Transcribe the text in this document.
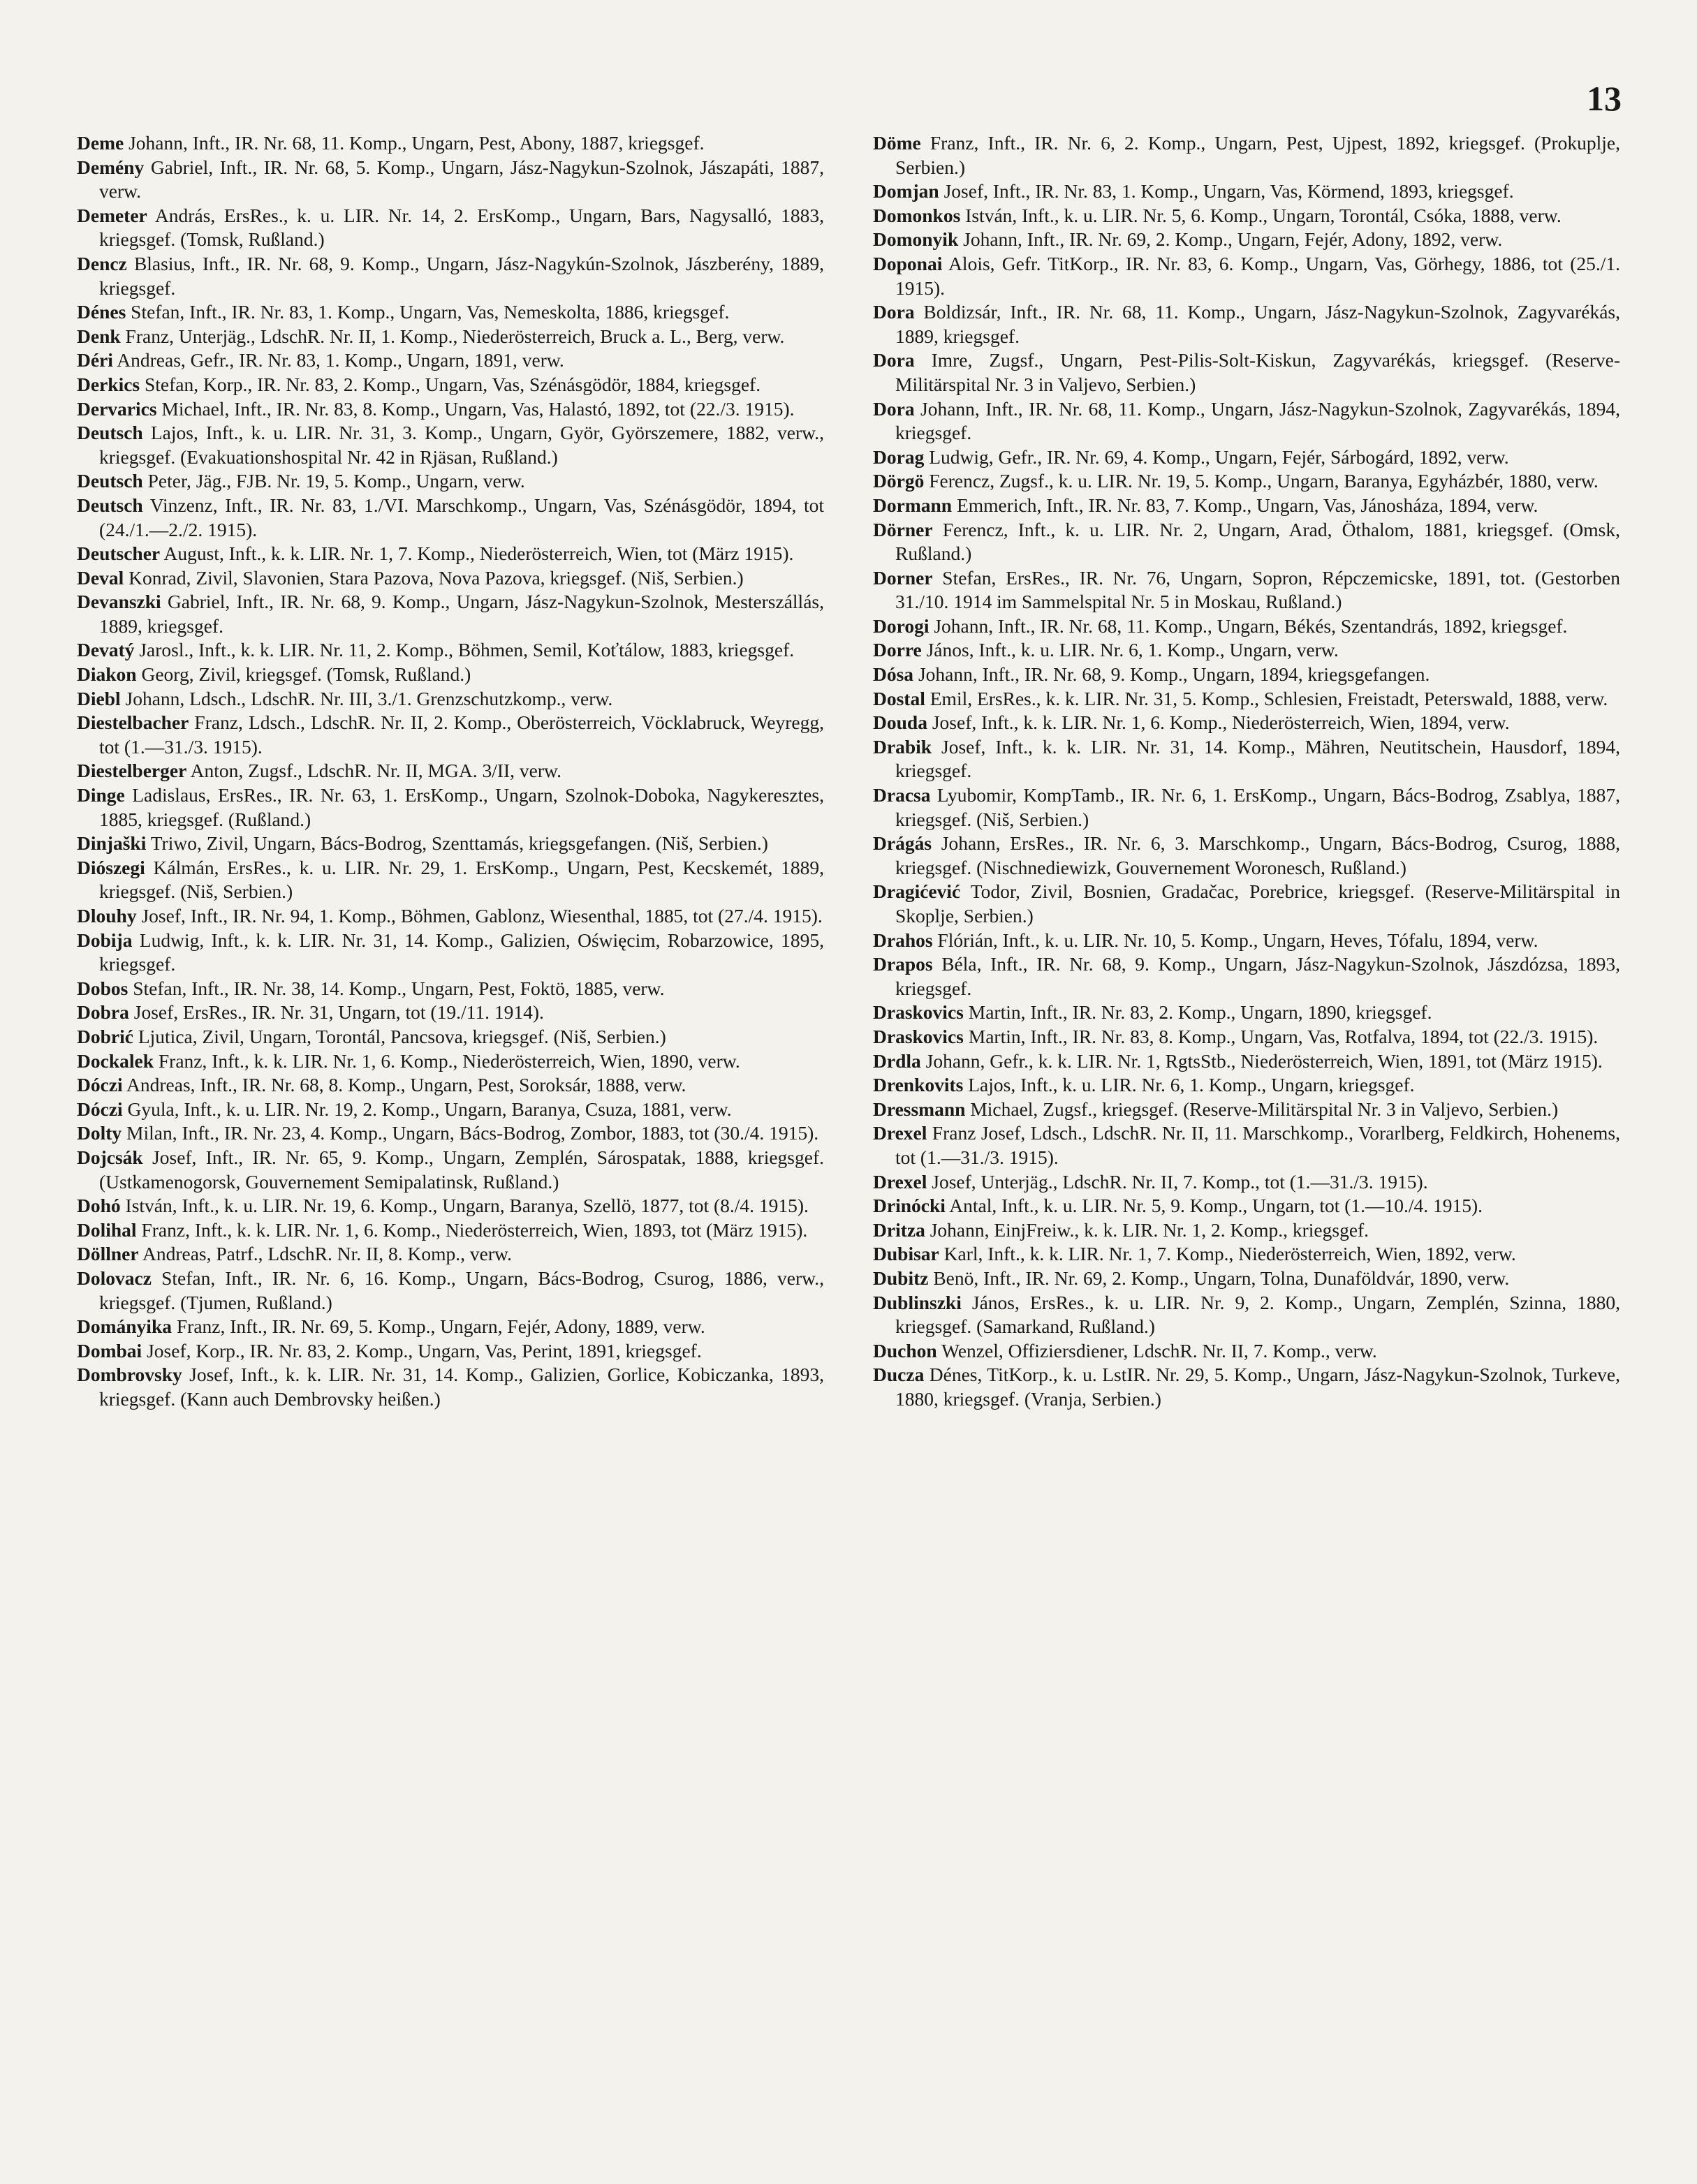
13
Deme Johann, Inft., IR. Nr. 68, 11. Komp., Ungarn, Pest, Abony, 1887, kriegsgef.
Demény Gabriel, Inft., IR. Nr. 68, 5. Komp., Ungarn, Jász-Nagykun-Szolnok, Jászapáti, 1887, verw.
Demeter András, ErsRes., k. u. LIR. Nr. 14, 2. ErsKomp., Ungarn, Bars, Nagysalló, 1883, kriegsgef. (Tomsk, Rußland.)
Dencz Blasius, Inft., IR. Nr. 68, 9. Komp., Ungarn, Jász-Nagykún-Szolnok, Jászberény, 1889, kriegsgef.
Dénes Stefan, Inft., IR. Nr. 83, 1. Komp., Ungarn, Vas, Nemeskolta, 1886, kriegsgef.
Denk Franz, Unterjäg., LdschR. Nr. II, 1. Komp., Niederösterreich, Bruck a. L., Berg, verw.
Déri Andreas, Gefr., IR. Nr. 83, 1. Komp., Ungarn, 1891, verw.
Derkics Stefan, Korp., IR. Nr. 83, 2. Komp., Ungarn, Vas, Szénásgödör, 1884, kriegsgef.
Dervarics Michael, Inft., IR. Nr. 83, 8. Komp., Ungarn, Vas, Halastó, 1892, tot (22./3. 1915).
Deutsch Lajos, Inft., k. u. LIR. Nr. 31, 3. Komp., Ungarn, Györ, Györszemere, 1882, verw., kriegsgef. (Evakuationshospital Nr. 42 in Rjäsan, Rußland.)
Deutsch Peter, Jäg., FJB. Nr. 19, 5. Komp., Ungarn, verw.
Deutsch Vinzenz, Inft., IR. Nr. 83, 1./VI. Marschkomp., Ungarn, Vas, Szénásgödör, 1894, tot (24./1.—2./2. 1915).
Deutscher August, Inft., k. k. LIR. Nr. 1, 7. Komp., Niederösterreich, Wien, tot (März 1915).
Deval Konrad, Zivil, Slavonien, Stara Pazova, Nova Pazova, kriegsgef. (Niš, Serbien.)
Devanszki Gabriel, Inft., IR. Nr. 68, 9. Komp., Ungarn, Jász-Nagykun-Szolnok, Mesterszállás, 1889, kriegsgef.
Devatý Jarosl., Inft., k. k. LIR. Nr. 11, 2. Komp., Böhmen, Semil, Koťtálow, 1883, kriegsgef.
Diakon Georg, Zivil, kriegsgef. (Tomsk, Rußland.)
Diebl Johann, Ldsch., LdschR. Nr. III, 3./1. Grenzschutzkomp., verw.
Diestelbacher Franz, Ldsch., LdschR. Nr. II, 2. Komp., Oberösterreich, Vöcklabruck, Weyregg, tot (1.—31./3. 1915).
Diestelberger Anton, Zugsf., LdschR. Nr. II, MGA. 3/II, verw.
Dinge Ladislaus, ErsRes., IR. Nr. 63, 1. ErsKomp., Ungarn, Szolnok-Doboka, Nagykeresztes, 1885, kriegsgef. (Rußland.)
Dinjaški Triwo, Zivil, Ungarn, Bács-Bodrog, Szenttamás, kriegsgefangen. (Niš, Serbien.)
Diószegi Kálmán, ErsRes., k. u. LIR. Nr. 29, 1. ErsKomp., Ungarn, Pest, Kecskemét, 1889, kriegsgef. (Niš, Serbien.)
Dlouhy Josef, Inft., IR. Nr. 94, 1. Komp., Böhmen, Gablonz, Wiesenthal, 1885, tot (27./4. 1915).
Dobija Ludwig, Inft., k. k. LIR. Nr. 31, 14. Komp., Galizien, Oświęcim, Robarzowice, 1895, kriegsgef.
Dobos Stefan, Inft., IR. Nr. 38, 14. Komp., Ungarn, Pest, Foktö, 1885, verw.
Dobra Josef, ErsRes., IR. Nr. 31, Ungarn, tot (19./11. 1914).
Dobrić Ljutica, Zivil, Ungarn, Torontál, Pancsova, kriegsgef. (Niš, Serbien.)
Dockalek Franz, Inft., k. k. LIR. Nr. 1, 6. Komp., Niederösterreich, Wien, 1890, verw.
Dóczi Andreas, Inft., IR. Nr. 68, 8. Komp., Ungarn, Pest, Soroksár, 1888, verw.
Dóczi Gyula, Inft., k. u. LIR. Nr. 19, 2. Komp., Ungarn, Baranya, Csuza, 1881, verw.
Dolty Milan, Inft., IR. Nr. 23, 4. Komp., Ungarn, Bács-Bodrog, Zombor, 1883, tot (30./4. 1915).
Dojcsák Josef, Inft., IR. Nr. 65, 9. Komp., Ungarn, Zemplén, Sárospatak, 1888, kriegsgef. (Ustkamenogorsk, Gouvernement Semipalatinsk, Rußland.)
Dohó István, Inft., k. u. LIR. Nr. 19, 6. Komp., Ungarn, Baranya, Szellö, 1877, tot (8./4. 1915).
Dolihal Franz, Inft., k. k. LIR. Nr. 1, 6. Komp., Niederösterreich, Wien, 1893, tot (März 1915).
Döllner Andreas, Patrf., LdschR. Nr. II, 8. Komp., verw.
Dolovacz Stefan, Inft., IR. Nr. 6, 16. Komp., Ungarn, Bács-Bodrog, Csurog, 1886, verw., kriegsgef. (Tjumen, Rußland.)
Dományika Franz, Inft., IR. Nr. 69, 5. Komp., Ungarn, Fejér, Adony, 1889, verw.
Dombai Josef, Korp., IR. Nr. 83, 2. Komp., Ungarn, Vas, Perint, 1891, kriegsgef.
Dombrovsky Josef, Inft., k. k. LIR. Nr. 31, 14. Komp., Galizien, Gorlice, Kobiczanka, 1893, kriegsgef. (Kann auch Dembrovsky heißen.)
Döme Franz, Inft., IR. Nr. 6, 2. Komp., Ungarn, Pest, Ujpest, 1892, kriegsgef. (Prokuplje, Serbien.)
Domjan Josef, Inft., IR. Nr. 83, 1. Komp., Ungarn, Vas, Körmend, 1893, kriegsgef.
Domonkos István, Inft., k. u. LIR. Nr. 5, 6. Komp., Ungarn, Torontál, Csóka, 1888, verw.
Domonyik Johann, Inft., IR. Nr. 69, 2. Komp., Ungarn, Fejér, Adony, 1892, verw.
Doponai Alois, Gefr. TitKorp., IR. Nr. 83, 6. Komp., Ungarn, Vas, Görhegy, 1886, tot (25./1. 1915).
Dora Boldizsár, Inft., IR. Nr. 68, 11. Komp., Ungarn, Jász-Nagykun-Szolnok, Zagyvarékás, 1889, kriegsgef.
Dora Imre, Zugsf., Ungarn, Pest-Pilis-Solt-Kiskun, Zagyvarékás, kriegsgef. (Reserve-Militärspital Nr. 3 in Valjevo, Serbien.)
Dora Johann, Inft., IR. Nr. 68, 11. Komp., Ungarn, Jász-Nagykun-Szolnok, Zagyvarékás, 1894, kriegsgef.
Dorag Ludwig, Gefr., IR. Nr. 69, 4. Komp., Ungarn, Fejér, Sárbogárd, 1892, verw.
Dörgö Ferencz, Zugsf., k. u. LIR. Nr. 19, 5. Komp., Ungarn, Baranya, Egyházbér, 1880, verw.
Dormann Emmerich, Inft., IR. Nr. 83, 7. Komp., Ungarn, Vas, Jánosháza, 1894, verw.
Dörner Ferencz, Inft., k. u. LIR. Nr. 2, Ungarn, Arad, Öthalom, 1881, kriegsgef. (Omsk, Rußland.)
Dorner Stefan, ErsRes., IR. Nr. 76, Ungarn, Sopron, Répczemicske, 1891, tot. (Gestorben 31./10. 1914 im Sammelspital Nr. 5 in Moskau, Rußland.)
Dorogi Johann, Inft., IR. Nr. 68, 11. Komp., Ungarn, Békés, Szentandrás, 1892, kriegsgef.
Dorre János, Inft., k. u. LIR. Nr. 6, 1. Komp., Ungarn, verw.
Dósa Johann, Inft., IR. Nr. 68, 9. Komp., Ungarn, 1894, kriegsgefangen.
Dostal Emil, ErsRes., k. k. LIR. Nr. 31, 5. Komp., Schlesien, Freistadt, Peterswald, 1888, verw.
Douda Josef, Inft., k. k. LIR. Nr. 1, 6. Komp., Niederösterreich, Wien, 1894, verw.
Drabik Josef, Inft., k. k. LIR. Nr. 31, 14. Komp., Mähren, Neutitschein, Hausdorf, 1894, kriegsgef.
Dracsa Lyubomir, KompTamb., IR. Nr. 6, 1. ErsKomp., Ungarn, Bács-Bodrog, Zsablya, 1887, kriegsgef. (Niš, Serbien.)
Drágás Johann, ErsRes., IR. Nr. 6, 3. Marschkomp., Ungarn, Bács-Bodrog, Csurog, 1888, kriegsgef. (Nischnediewizk, Gouvernement Woronesch, Rußland.)
Dragićević Todor, Zivil, Bosnien, Gradačac, Porebrice, kriegsgef. (Reserve-Militärspital in Skoplje, Serbien.)
Drahos Flórián, Inft., k. u. LIR. Nr. 10, 5. Komp., Ungarn, Heves, Tófalu, 1894, verw.
Drapos Béla, Inft., IR. Nr. 68, 9. Komp., Ungarn, Jász-Nagykun-Szolnok, Jászdózsa, 1893, kriegsgef.
Draskovics Martin, Inft., IR. Nr. 83, 2. Komp., Ungarn, 1890, kriegsgef.
Draskovics Martin, Inft., IR. Nr. 83, 8. Komp., Ungarn, Vas, Rotfalva, 1894, tot (22./3. 1915).
Drdla Johann, Gefr., k. k. LIR. Nr. 1, RgtsStb., Niederösterreich, Wien, 1891, tot (März 1915).
Drenkovits Lajos, Inft., k. u. LIR. Nr. 6, 1. Komp., Ungarn, kriegsgef.
Dressmann Michael, Zugsf., kriegsgef. (Reserve-Militärspital Nr. 3 in Valjevo, Serbien.)
Drexel Franz Josef, Ldsch., LdschR. Nr. II, 11. Marschkomp., Vorarlberg, Feldkirch, Hohenems, tot (1.—31./3. 1915).
Drexel Josef, Unterjäg., LdschR. Nr. II, 7. Komp., tot (1.—31./3. 1915).
Drinócki Antal, Inft., k. u. LIR. Nr. 5, 9. Komp., Ungarn, tot (1.—10./4. 1915).
Dritza Johann, EinjFreiw., k. k. LIR. Nr. 1, 2. Komp., kriegsgef.
Dubisar Karl, Inft., k. k. LIR. Nr. 1, 7. Komp., Niederösterreich, Wien, 1892, verw.
Dubitz Benö, Inft., IR. Nr. 69, 2. Komp., Ungarn, Tolna, Dunaföldvár, 1890, verw.
Dublinszki János, ErsRes., k. u. LIR. Nr. 9, 2. Komp., Ungarn, Zemplén, Szinna, 1880, kriegsgef. (Samarkand, Rußland.)
Duchon Wenzel, Offiziersdiener, LdschR. Nr. II, 7. Komp., verw.
Ducza Dénes, TitKorp., k. u. LstIR. Nr. 29, 5. Komp., Ungarn, Jász-Nagykun-Szolnok, Turkeve, 1880, kriegsgef. (Vranja, Serbien.)
